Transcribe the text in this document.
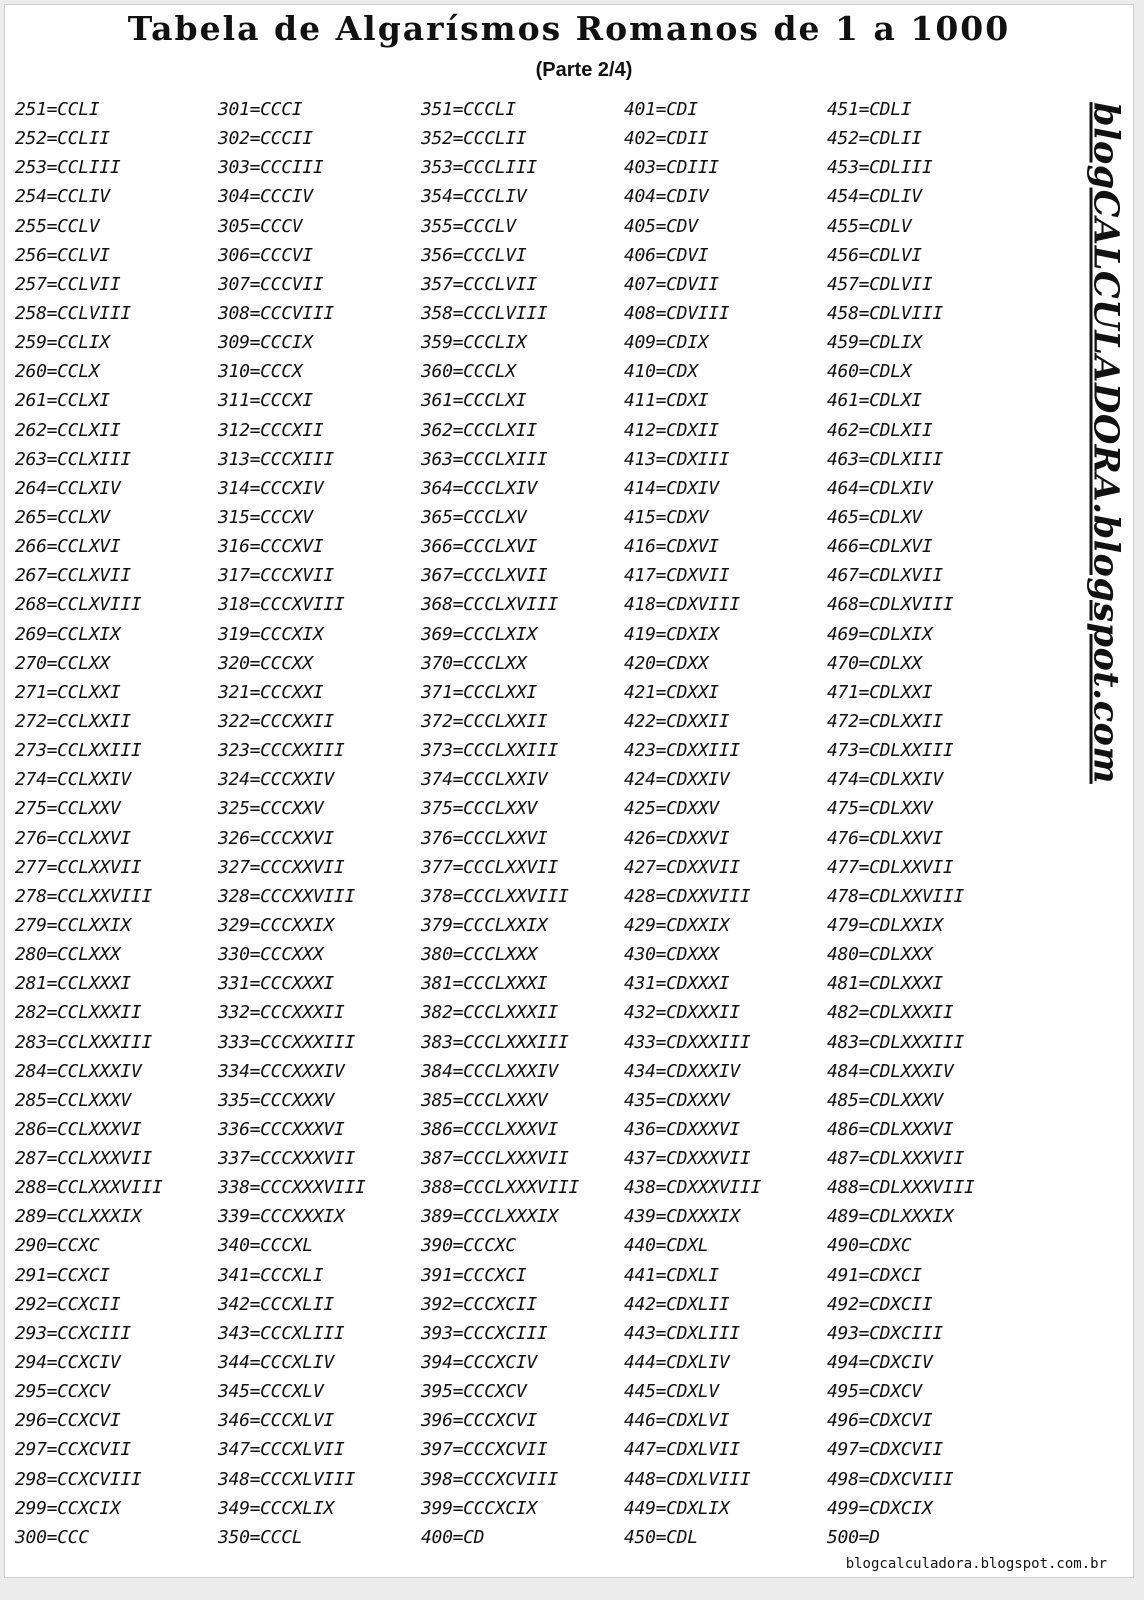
Tabela de Algarísmos Romanos de 1 a 1000

(Parte 2/4)

251=CCLI
252=CCLII
253=CCLIII
254=CCLIV
255=CCLV
256=CCLVI
257=CCLVII
258=CCLVIII
259=CCLIX
260=CCLX
261=CCLXI
262=CCLXII
263=CCLXIII
264=CCLXIV
265=CCLXV
266=CCLXVI
267=CCLXVII
268=CCLXVIII
269=CCLXIX
270=CCLXX
271=CCLXXI
272=CCLXXII
273=CCLXXIII
274=CCLXXIV
275=CCLXXV
276=CCLXXVI
277=CCLXXVII
278=CCLXXVIII
279=CCLXXIX
280=CCLXXX
281=CCLXXXI
282=CCLXXXII
283=CCLXXXIII
284=CCLXXXIV
285=CCLXXXV
286=CCLXXXVI
287=CCLXXXVII
288=CCLXXXVIII
289=CCLXXXIX
290=CCXC
291=CCXCI
292=CCXCII
293=CCXCIII
294=CCXCIV
295=CCXCV
296=CCXCVI
297=CCXCVII
298=CCXCVIII
299=CCXCIX
300=CCC
301=CCCI
302=CCCII
303=CCCIII
304=CCCIV
305=CCCV
306=CCCVI
307=CCCVII
308=CCCVIII
309=CCCIX
310=CCCX
311=CCCXI
312=CCCXII
313=CCCXIII
314=CCCXIV
315=CCCXV
316=CCCXVI
317=CCCXVII
318=CCCXVIII
319=CCCXIX
320=CCCXX
321=CCCXXI
322=CCCXXII
323=CCCXXIII
324=CCCXXIV
325=CCCXXV
326=CCCXXVI
327=CCCXXVII
328=CCCXXVIII
329=CCCXXIX
330=CCCXXX
331=CCCXXXI
332=CCCXXXII
333=CCCXXXIII
334=CCCXXXIV
335=CCCXXXV
336=CCCXXXVI
337=CCCXXXVII
338=CCCXXXVIII
339=CCCXXXIX
340=CCCXL
341=CCCXLI
342=CCCXLII
343=CCCXLIII
344=CCCXLIV
345=CCCXLV
346=CCCXLVI
347=CCCXLVII
348=CCCXLVIII
349=CCCXLIX
350=CCCL
351=CCCLI
352=CCCLII
353=CCCLIII
354=CCCLIV
355=CCCLV
356=CCCLVI
357=CCCLVII
358=CCCLVIII
359=CCCLIX
360=CCCLX
361=CCCLXI
362=CCCLXII
363=CCCLXIII
364=CCCLXIV
365=CCCLXV
366=CCCLXVI
367=CCCLXVII
368=CCCLXVIII
369=CCCLXIX
370=CCCLXX
371=CCCLXXI
372=CCCLXXII
373=CCCLXXIII
374=CCCLXXIV
375=CCCLXXV
376=CCCLXXVI
377=CCCLXXVII
378=CCCLXXVIII
379=CCCLXXIX
380=CCCLXXX
381=CCCLXXXI
382=CCCLXXXII
383=CCCLXXXIII
384=CCCLXXXIV
385=CCCLXXXV
386=CCCLXXXVI
387=CCCLXXXVII
388=CCCLXXXVIII
389=CCCLXXXIX
390=CCCXC
391=CCCXCI
392=CCCXCII
393=CCCXCIII
394=CCCXCIV
395=CCCXCV
396=CCCXCVI
397=CCCXCVII
398=CCCXCVIII
399=CCCXCIX
400=CD
401=CDI
402=CDII
403=CDIII
404=CDIV
405=CDV
406=CDVI
407=CDVII
408=CDVIII
409=CDIX
410=CDX
411=CDXI
412=CDXII
413=CDXIII
414=CDXIV
415=CDXV
416=CDXVI
417=CDXVII
418=CDXVIII
419=CDXIX
420=CDXX
421=CDXXI
422=CDXXII
423=CDXXIII
424=CDXXIV
425=CDXXV
426=CDXXVI
427=CDXXVII
428=CDXXVIII
429=CDXXIX
430=CDXXX
431=CDXXXI
432=CDXXXII
433=CDXXXIII
434=CDXXXIV
435=CDXXXV
436=CDXXXVI
437=CDXXXVII
438=CDXXXVIII
439=CDXXXIX
440=CDXL
441=CDXLI
442=CDXLII
443=CDXLIII
444=CDXLIV
445=CDXLV
446=CDXLVI
447=CDXLVII
448=CDXLVIII
449=CDXLIX
450=CDL
451=CDLI
452=CDLII
453=CDLIII
454=CDLIV
455=CDLV
456=CDLVI
457=CDLVII
458=CDLVIII
459=CDLIX
460=CDLX
461=CDLXI
462=CDLXII
463=CDLXIII
464=CDLXIV
465=CDLXV
466=CDLXVI
467=CDLXVII
468=CDLXVIII
469=CDLXIX
470=CDLXX
471=CDLXXI
472=CDLXXII
473=CDLXXIII
474=CDLXXIV
475=CDLXXV
476=CDLXXVI
477=CDLXXVII
478=CDLXXVIII
479=CDLXXIX
480=CDLXXX
481=CDLXXXI
482=CDLXXXII
483=CDLXXXIII
484=CDLXXXIV
485=CDLXXXV
486=CDLXXXVI
487=CDLXXXVII
488=CDLXXXVIII
489=CDLXXXIX
490=CDXC
491=CDXCI
492=CDXCII
493=CDXCIII
494=CDXCIV
495=CDXCV
496=CDXCVI
497=CDXCVII
498=CDXCVIII
499=CDXCIX
500=D
blogCALCULADORA.blogspot.com
blogcalculadora.blogspot.com.br
